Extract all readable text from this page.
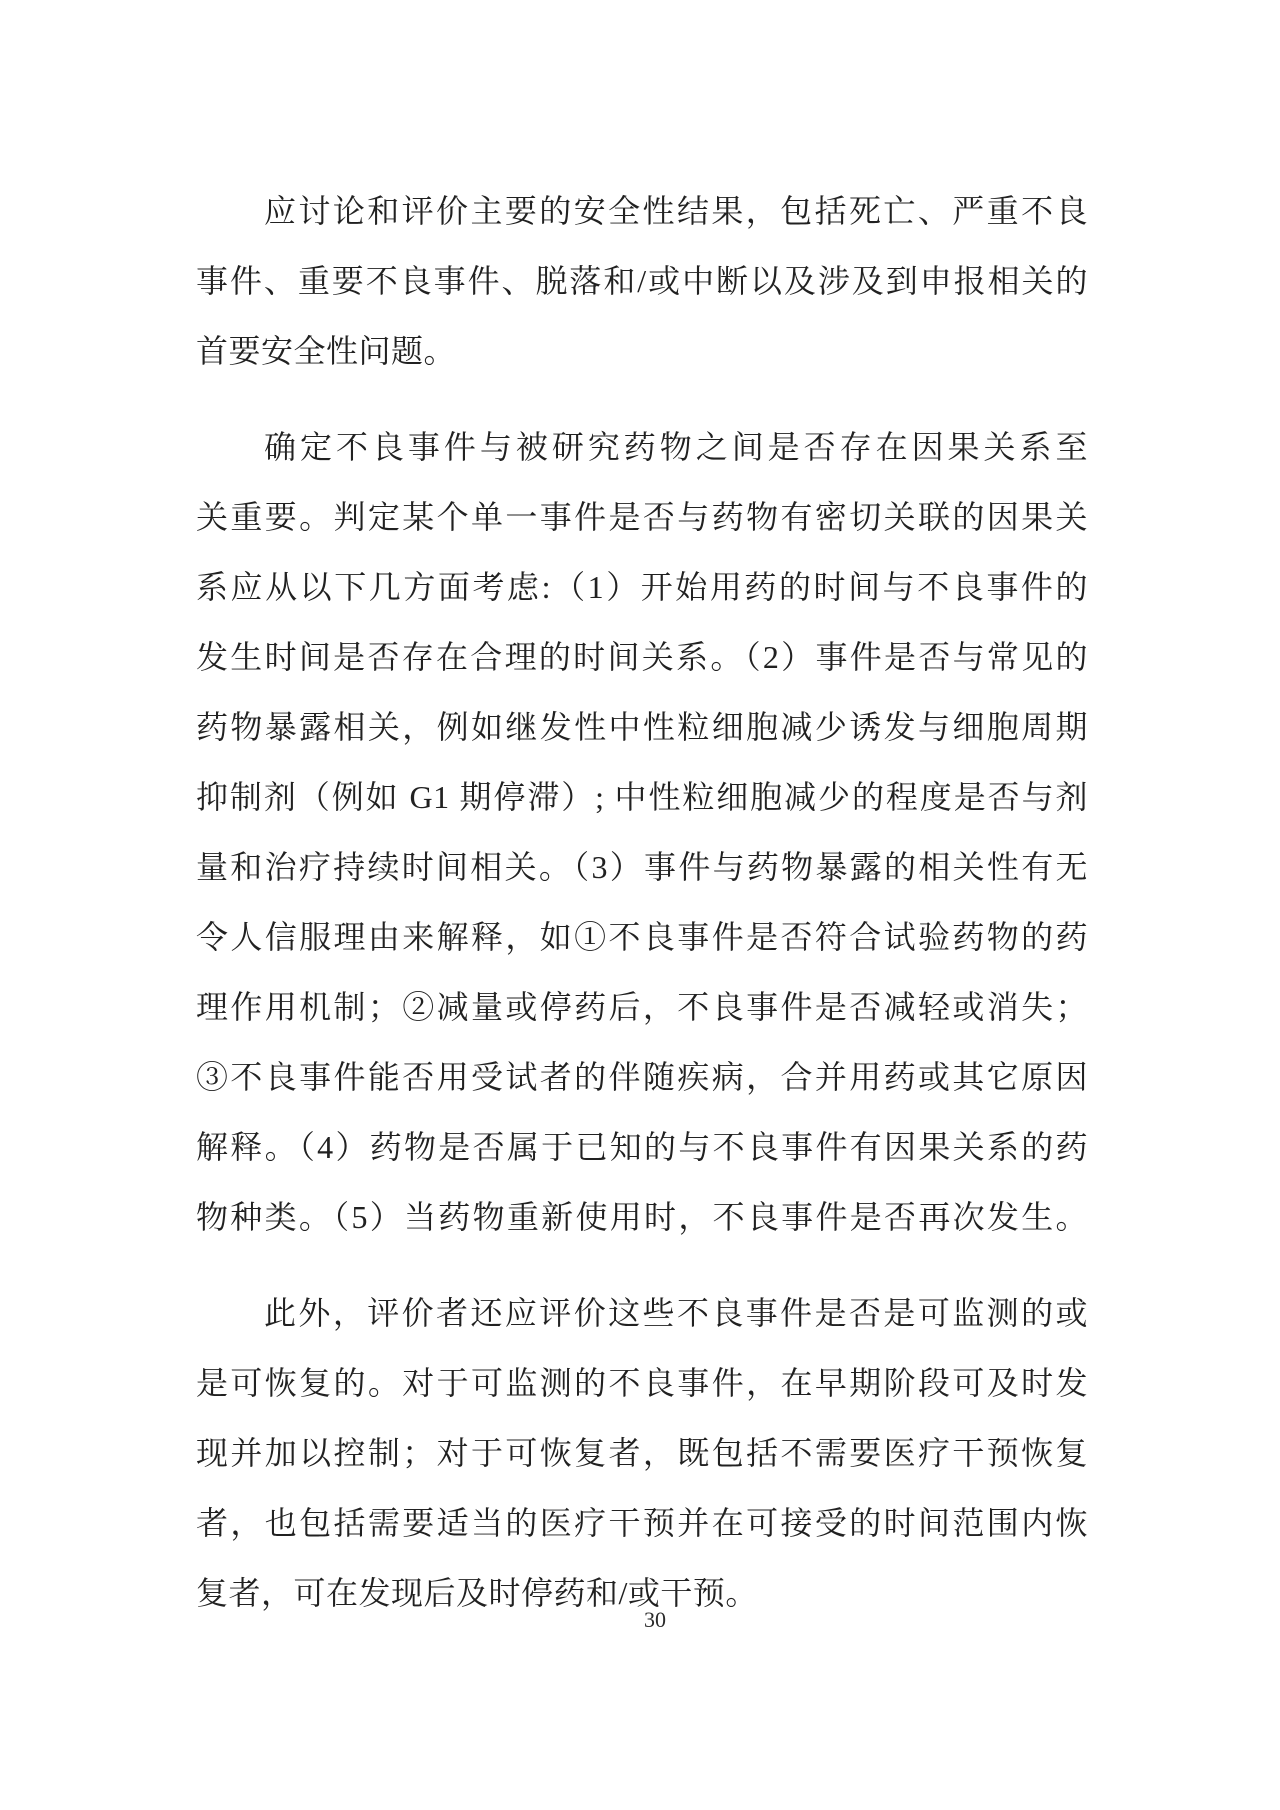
应讨论和评价主要的安全性结果，包括死亡、严重不良
事件、重要不良事件、脱落和/或中断以及涉及到申报相关的
首要安全性问题。
确定不良事件与被研究药物之间是否存在因果关系至
关重要。判定某个单一事件是否与药物有密切关联的因果关
系应从以下几方面考虑:（1）开始用药的时间与不良事件的
发生时间是否存在合理的时间关系。（2）事件是否与常见的
药物暴露相关，例如继发性中性粒细胞减少诱发与细胞周期
抑制剂（例如 G1 期停滞）; 中性粒细胞减少的程度是否与剂
量和治疗持续时间相关。（3）事件与药物暴露的相关性有无
令人信服理由来解释，如①不良事件是否符合试验药物的药
理作用机制；②减量或停药后，不良事件是否减轻或消失；
③不良事件能否用受试者的伴随疾病，合并用药或其它原因
解释。（4）药物是否属于已知的与不良事件有因果关系的药
物种类。（5）当药物重新使用时，不良事件是否再次发生。
此外，评价者还应评价这些不良事件是否是可监测的或
是可恢复的。对于可监测的不良事件，在早期阶段可及时发
现并加以控制；对于可恢复者，既包括不需要医疗干预恢复
者，也包括需要适当的医疗干预并在可接受的时间范围内恢
复者，可在发现后及时停药和/或干预。
30
